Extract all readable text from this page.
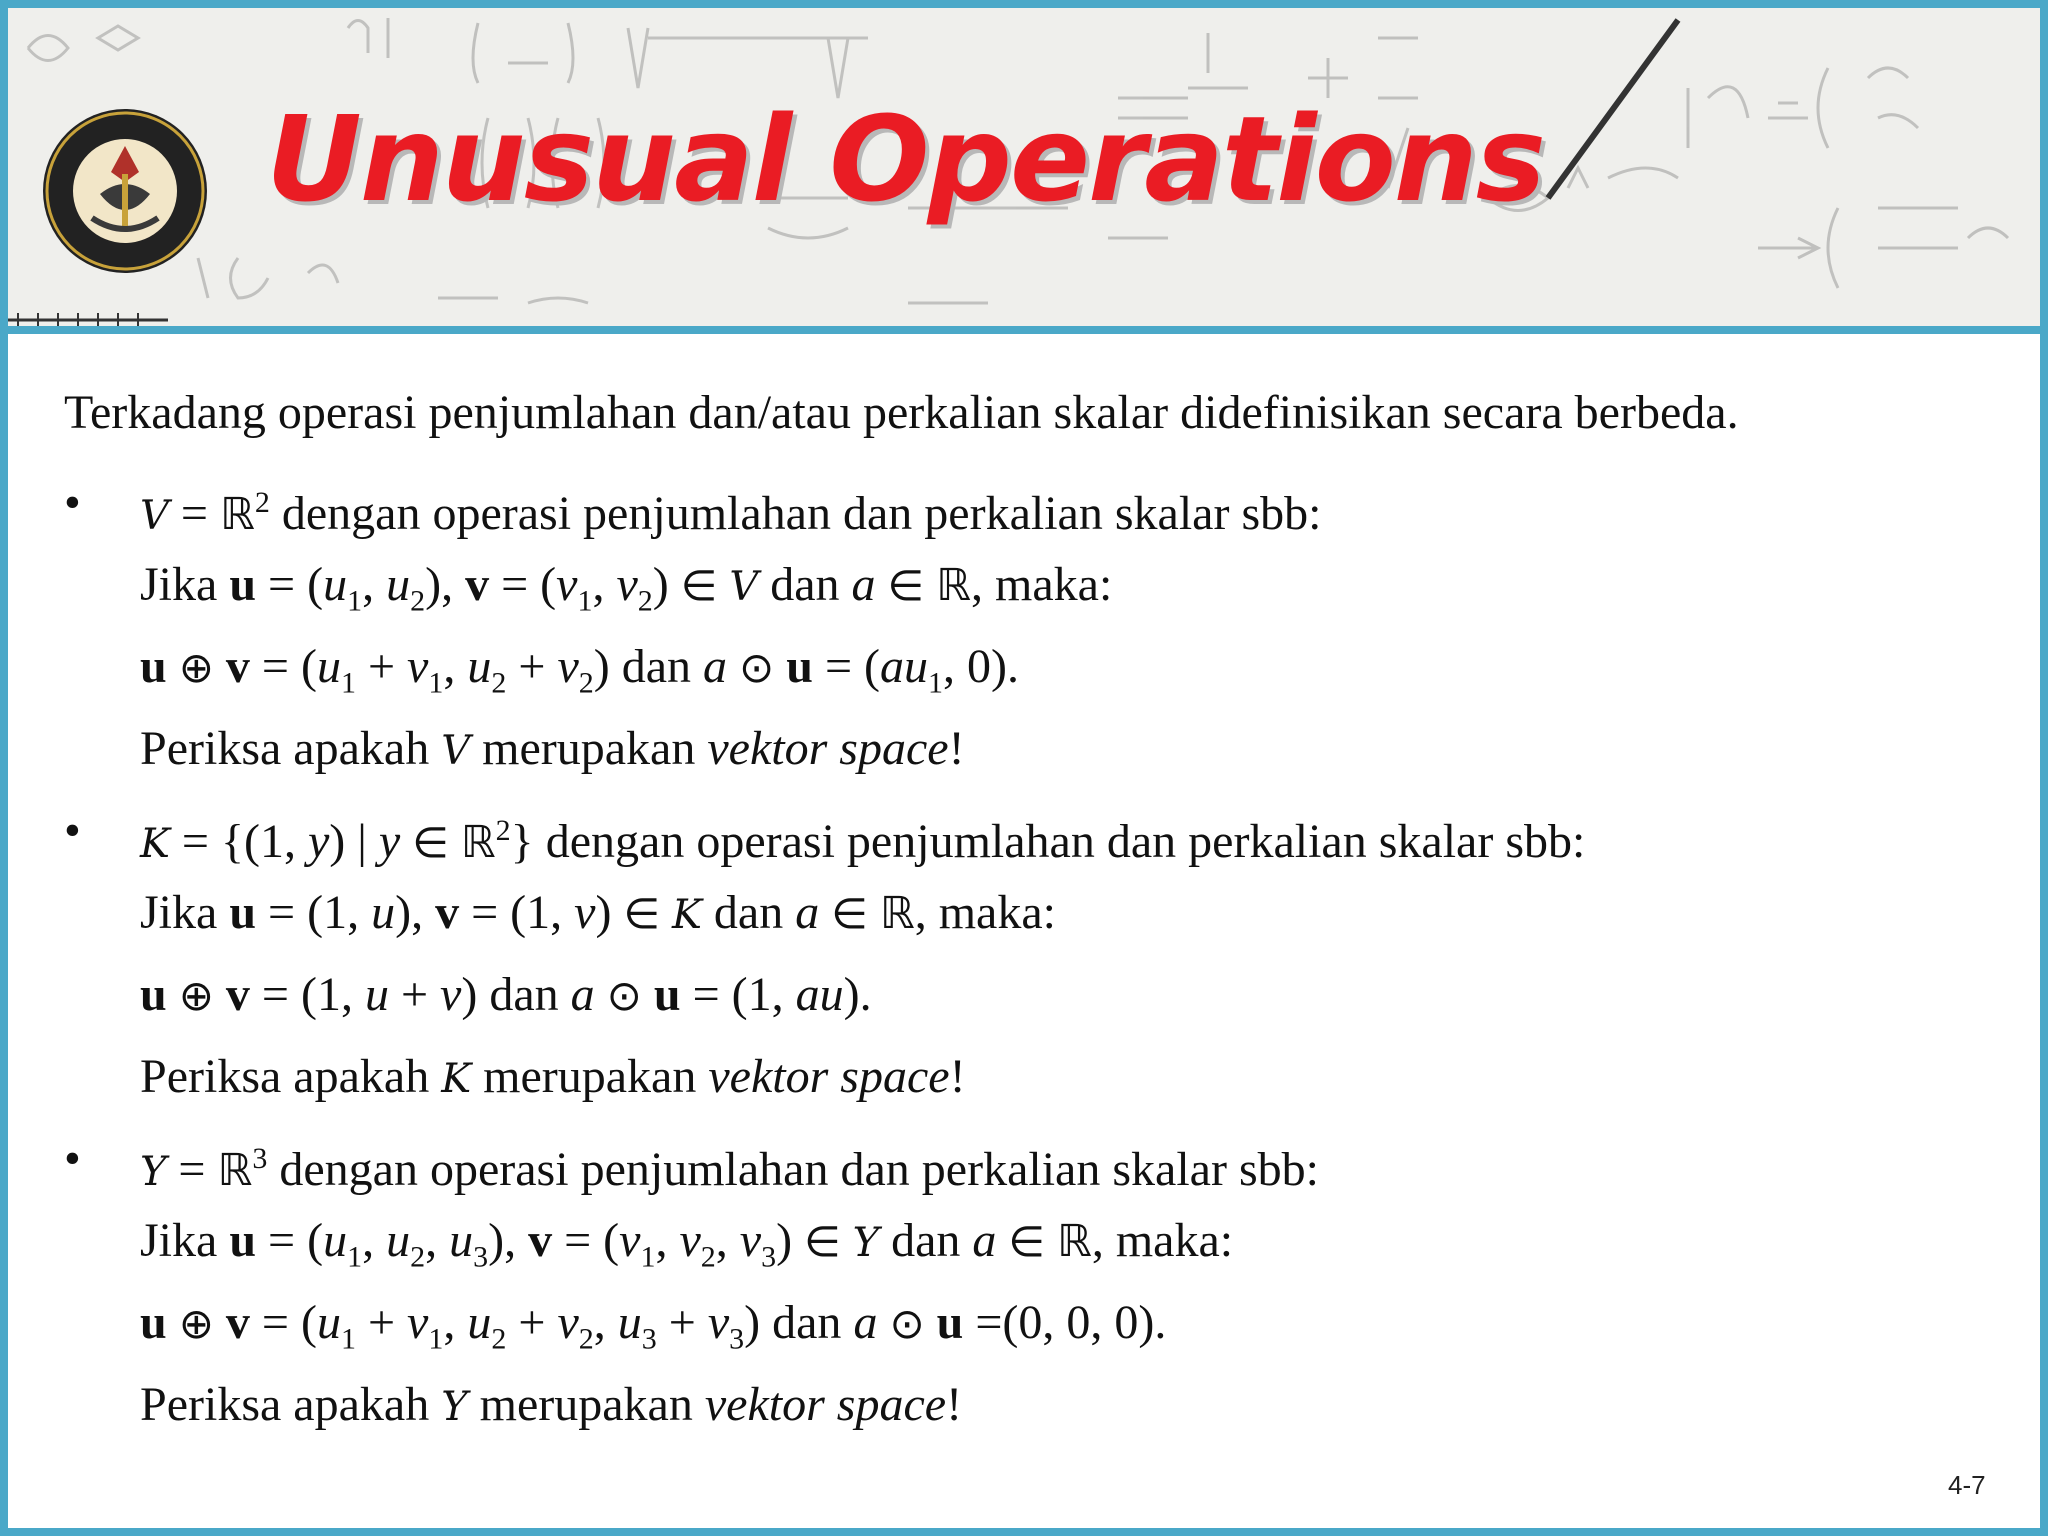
Unusual Operations
Terkadang operasi penjumlahan dan/atau perkalian skalar didefinisikan secara berbeda.
• V = ℝ$^2$ dengan operasi penjumlahan dan perkalian skalar sbb:
Jika $u = (u_1$, $u_2$), $v = (v_1$, $v_2$) ∈ V dan a ∈ ℝ, maka:
u ⊕ $v = (u_1 + v_1$, $u_2 + v_2$) dan a ⊙ $u = (au_1$, 0).
Periksa apakah V merupakan vektor space!
• K = {(1, y) | y ∈ ℝ$^2$} dengan operasi penjumlahan dan perkalian skalar sbb:
Jika u = (1, u), v = (1, v) ∈ K dan a ∈ ℝ, maka:
u ⊕ v = (1, u + v) dan a ⊙ u = (1, au).
Periksa apakah K merupakan vektor space!
• Y = ℝ$^3$ dengan operasi penjumlahan dan perkalian skalar sbb:
Jika $u = (u_1$, $u_2$, $u_3$), $v = (v_1$, $v_2$, $v_3$) ∈ Y dan a ∈ ℝ, maka:
u ⊕ $v = (u_1 + v_1$, $u_2 + v_2$, $u_3 + v_3$) dan a ⊙ u =(0, 0, 0).
Periksa apakah Y merupakan vektor space!
4-7
